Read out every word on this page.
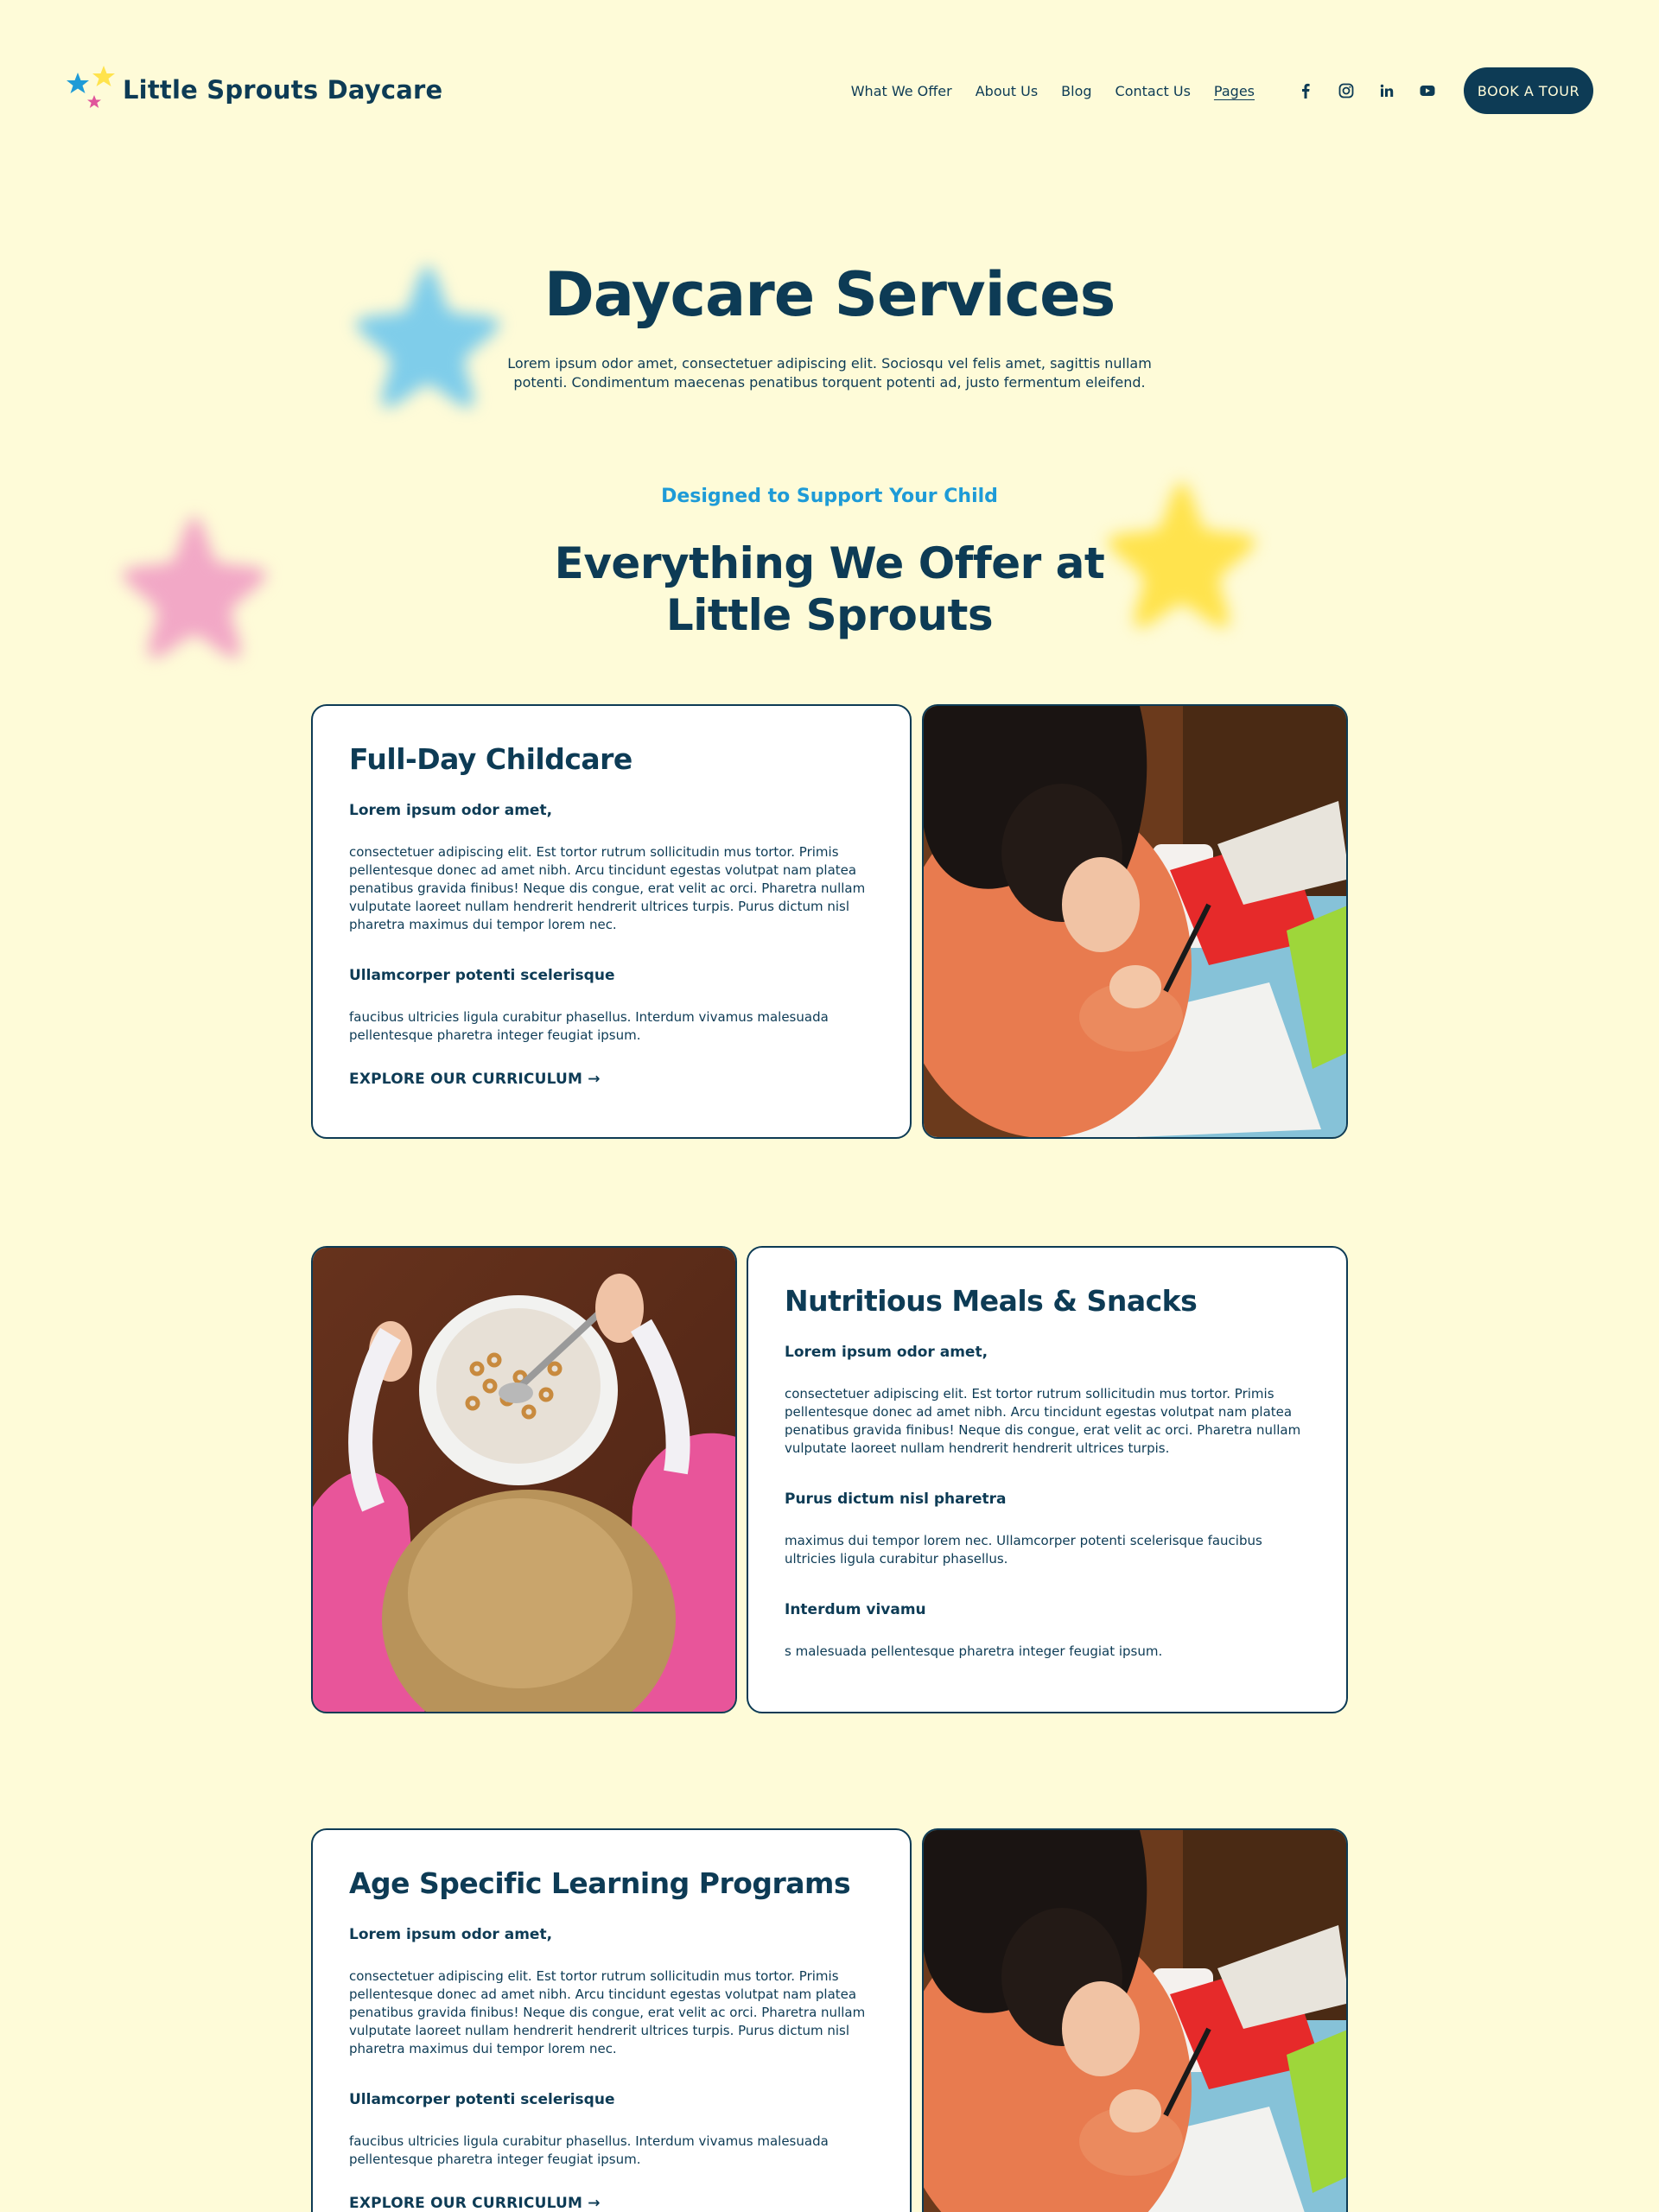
Little Sprouts Daycare	What We Offer About Us Blog Contact Us Pages	BOOK A TOUR
Daycare Services

Lorem ipsum odor amet, consectetuer adipiscing elit. Sociosqu vel felis amet, sagittis nullam potenti. Condimentum maecenas penatibus torquent potenti ad, justo fermentum eleifend.

Designed to Support Your Child
Everything We Offer at
Little Sprouts
Full-Day Childcare
Lorem ipsum odor amet,

consectetuer adipiscing elit. Est tortor rutrum sollicitudin mus tortor. Primis pellentesque donec ad amet nibh. Arcu tincidunt egestas volutpat nam platea penatibus gravida finibus! Neque dis congue, erat velit ac orci. Pharetra nullam vulputate laoreet nullam hendrerit hendrerit ultrices turpis. Purus dictum nisl pharetra maximus dui tempor lorem nec.

Ullamcorper potenti scelerisque

faucibus ultricies ligula curabitur phasellus. Interdum vivamus malesuada pellentesque pharetra integer feugiat ipsum.

EXPLORE OUR CURRICULUM →
Nutritious Meals & Snacks
Lorem ipsum odor amet,

consectetuer adipiscing elit. Est tortor rutrum sollicitudin mus tortor. Primis pellentesque donec ad amet nibh. Arcu tincidunt egestas volutpat nam platea penatibus gravida finibus! Neque dis congue, erat velit ac orci. Pharetra nullam vulputate laoreet nullam hendrerit hendrerit ultrices turpis.

Purus dictum nisl pharetra

maximus dui tempor lorem nec. Ullamcorper potenti scelerisque faucibus ultricies ligula curabitur phasellus.

Interdum vivamu

s malesuada pellentesque pharetra integer feugiat ipsum.

Age Specific Learning Programs
Lorem ipsum odor amet,

consectetuer adipiscing elit. Est tortor rutrum sollicitudin mus tortor. Primis pellentesque donec ad amet nibh. Arcu tincidunt egestas volutpat nam platea penatibus gravida finibus! Neque dis congue, erat velit ac orci. Pharetra nullam vulputate laoreet nullam hendrerit hendrerit ultrices turpis. Purus dictum nisl pharetra maximus dui tempor lorem nec.

Ullamcorper potenti scelerisque

faucibus ultricies ligula curabitur phasellus. Interdum vivamus malesuada pellentesque pharetra integer feugiat ipsum.

EXPLORE OUR CURRICULUM →
